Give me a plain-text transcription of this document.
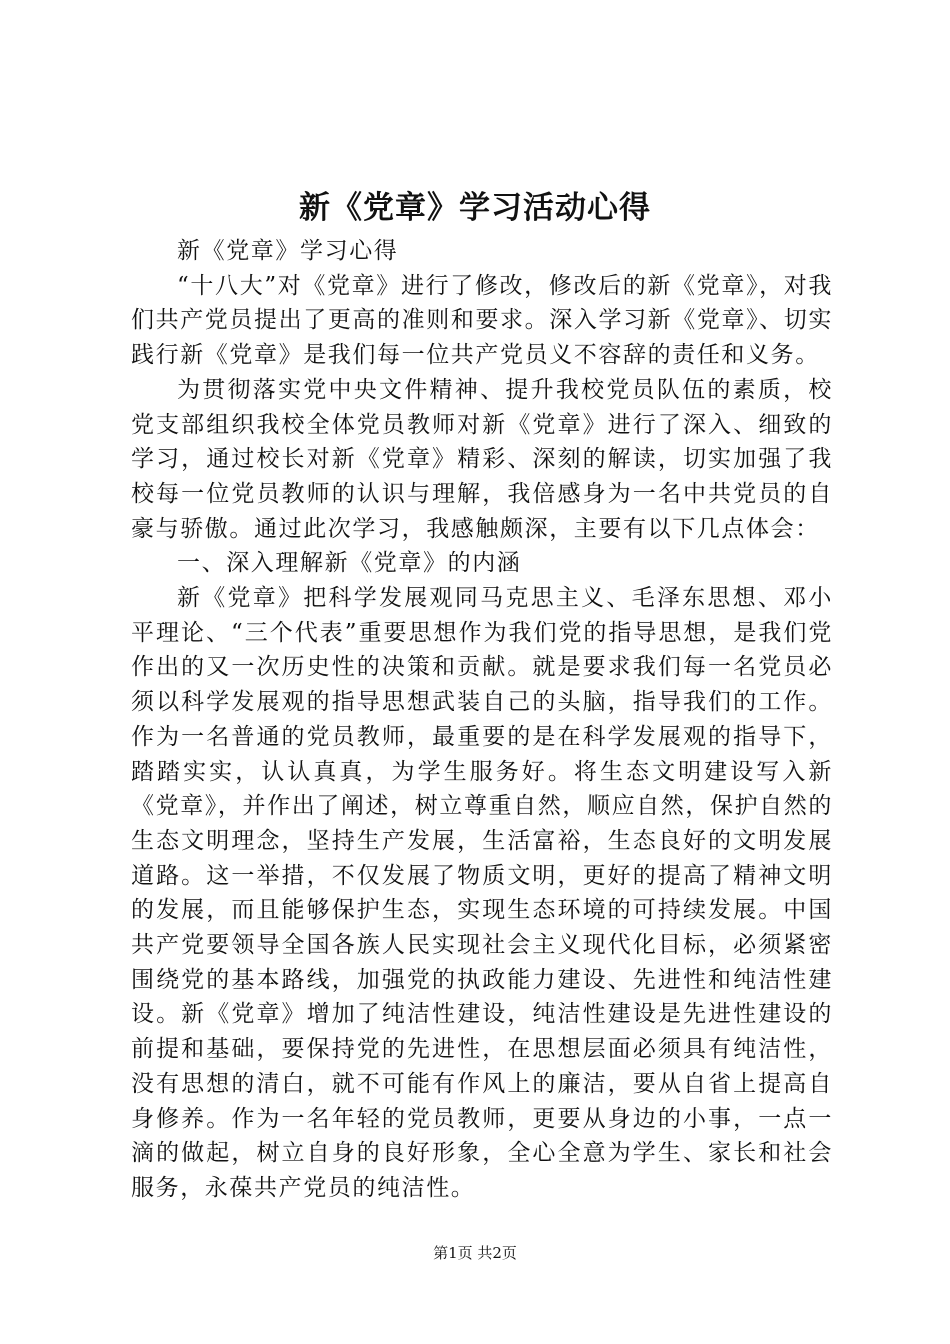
新《党章》学习活动心得

新《党章》学习心得

“十八大”对《党章》进行了修改，修改后的新《党章》，对我们共产党员提出了更高的准则和要求。深入学习新《党章》、切实践行新《党章》是我们每一位共产党员义不容辞的责任和义务。

为贯彻落实党中央文件精神、提升我校党员队伍的素质，校党支部组织我校全体党员教师对新《党章》进行了深入、细致的学习，通过校长对新《党章》精彩、深刻的解读，切实加强了我校每一位党员教师的认识与理解，我倍感身为一名中共党员的自豪与骄傲。通过此次学习，我感触颇深，主要有以下几点体会：

一、深入理解新《党章》的内涵

新《党章》把科学发展观同马克思主义、毛泽东思想、邓小平理论、“三个代表”重要思想作为我们党的指导思想，是我们党作出的又一次历史性的决策和贡献。就是要求我们每一名党员必须以科学发展观的指导思想武装自己的头脑，指导我们的工作。作为一名普通的党员教师，最重要的是在科学发展观的指导下，踏踏实实，认认真真，为学生服务好。将生态文明建设写入新《党章》，并作出了阐述，树立尊重自然，顺应自然，保护自然的生态文明理念，坚持生产发展，生活富裕，生态良好的文明发展道路。这一举措，不仅发展了物质文明，更好的提高了精神文明的发展，而且能够保护生态，实现生态环境的可持续发展。中国共产党要领导全国各族人民实现社会主义现代化目标，必须紧密围绕党的基本路线，加强党的执政能力建设、先进性和纯洁性建设。新《党章》增加了纯洁性建设，纯洁性建设是先进性建设的前提和基础，要保持党的先进性，在思想层面必须具有纯洁性，没有思想的清白，就不可能有作风上的廉洁，要从自省上提高自身修养。作为一名年轻的党员教师，更要从身边的小事，一点一滴的做起，树立自身的良好形象，全心全意为学生、家长和社会服务，永葆共产党员的纯洁性。

第1页 共2页
